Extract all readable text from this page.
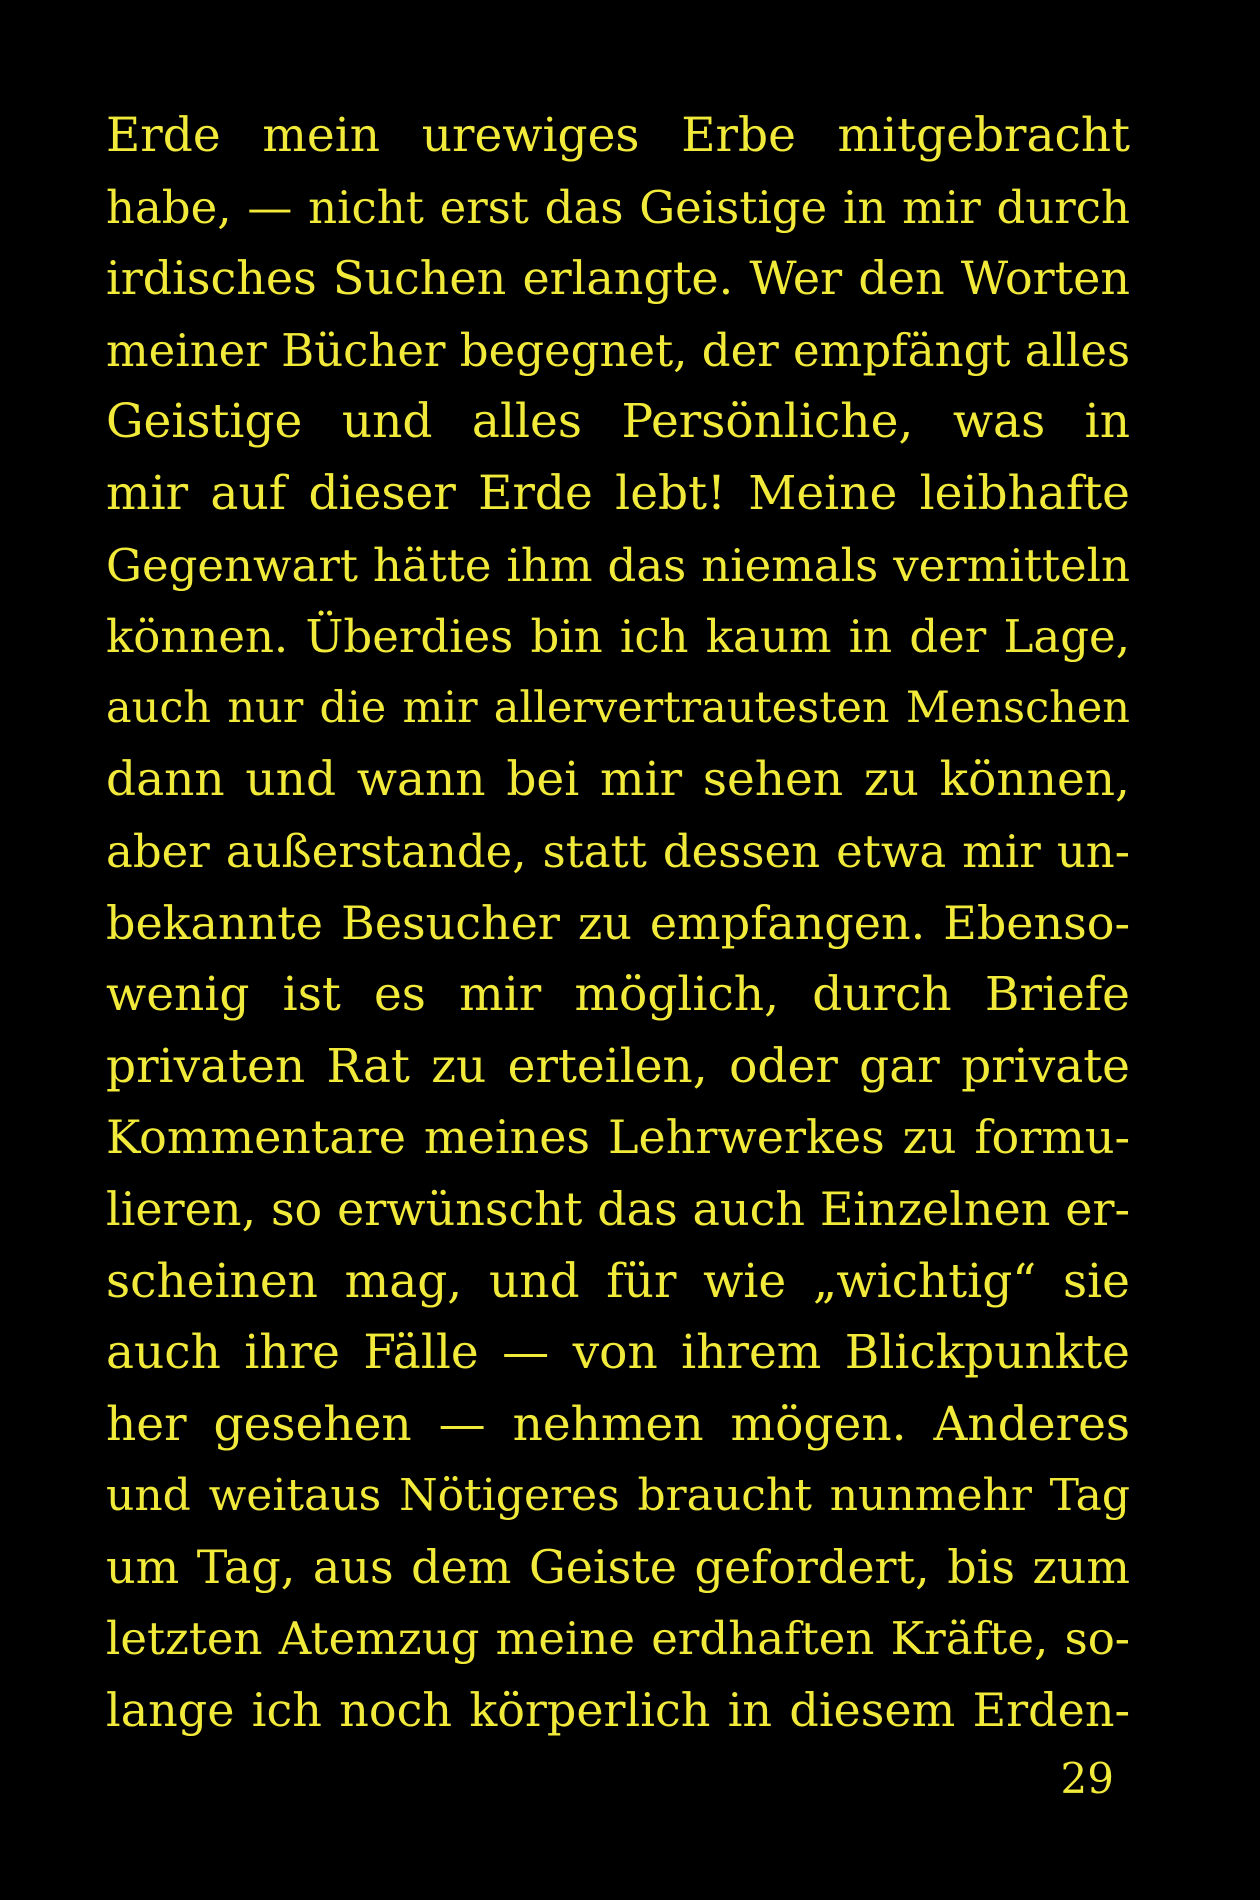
Erde mein urewiges Erbe mitgebracht
habe, — nicht erst das Geistige in mir durch
irdisches Suchen erlangte. Wer den Worten
meiner Bücher begegnet, der empfängt alles
Geistige und alles Persönliche, was in
mir auf dieser Erde lebt! Meine leibhafte
Gegenwart hätte ihm das niemals vermitteln
können. Überdies bin ich kaum in der Lage,
auch nur die mir allervertrautesten Menschen
dann und wann bei mir sehen zu können,
aber außerstande, statt dessen etwa mir un-
bekannte Besucher zu empfangen. Ebenso-
wenig ist es mir möglich, durch Briefe
privaten Rat zu erteilen, oder gar private
Kommentare meines Lehrwerkes zu formu-
lieren, so erwünscht das auch Einzelnen er-
scheinen mag, und für wie „wichtig“ sie
auch ihre Fälle — von ihrem Blickpunkte
her gesehen — nehmen mögen. Anderes
und weitaus Nötigeres braucht nunmehr Tag
um Tag, aus dem Geiste gefordert, bis zum
letzten Atemzug meine erdhaften Kräfte, so-
lange ich noch körperlich in diesem Erden-
29
